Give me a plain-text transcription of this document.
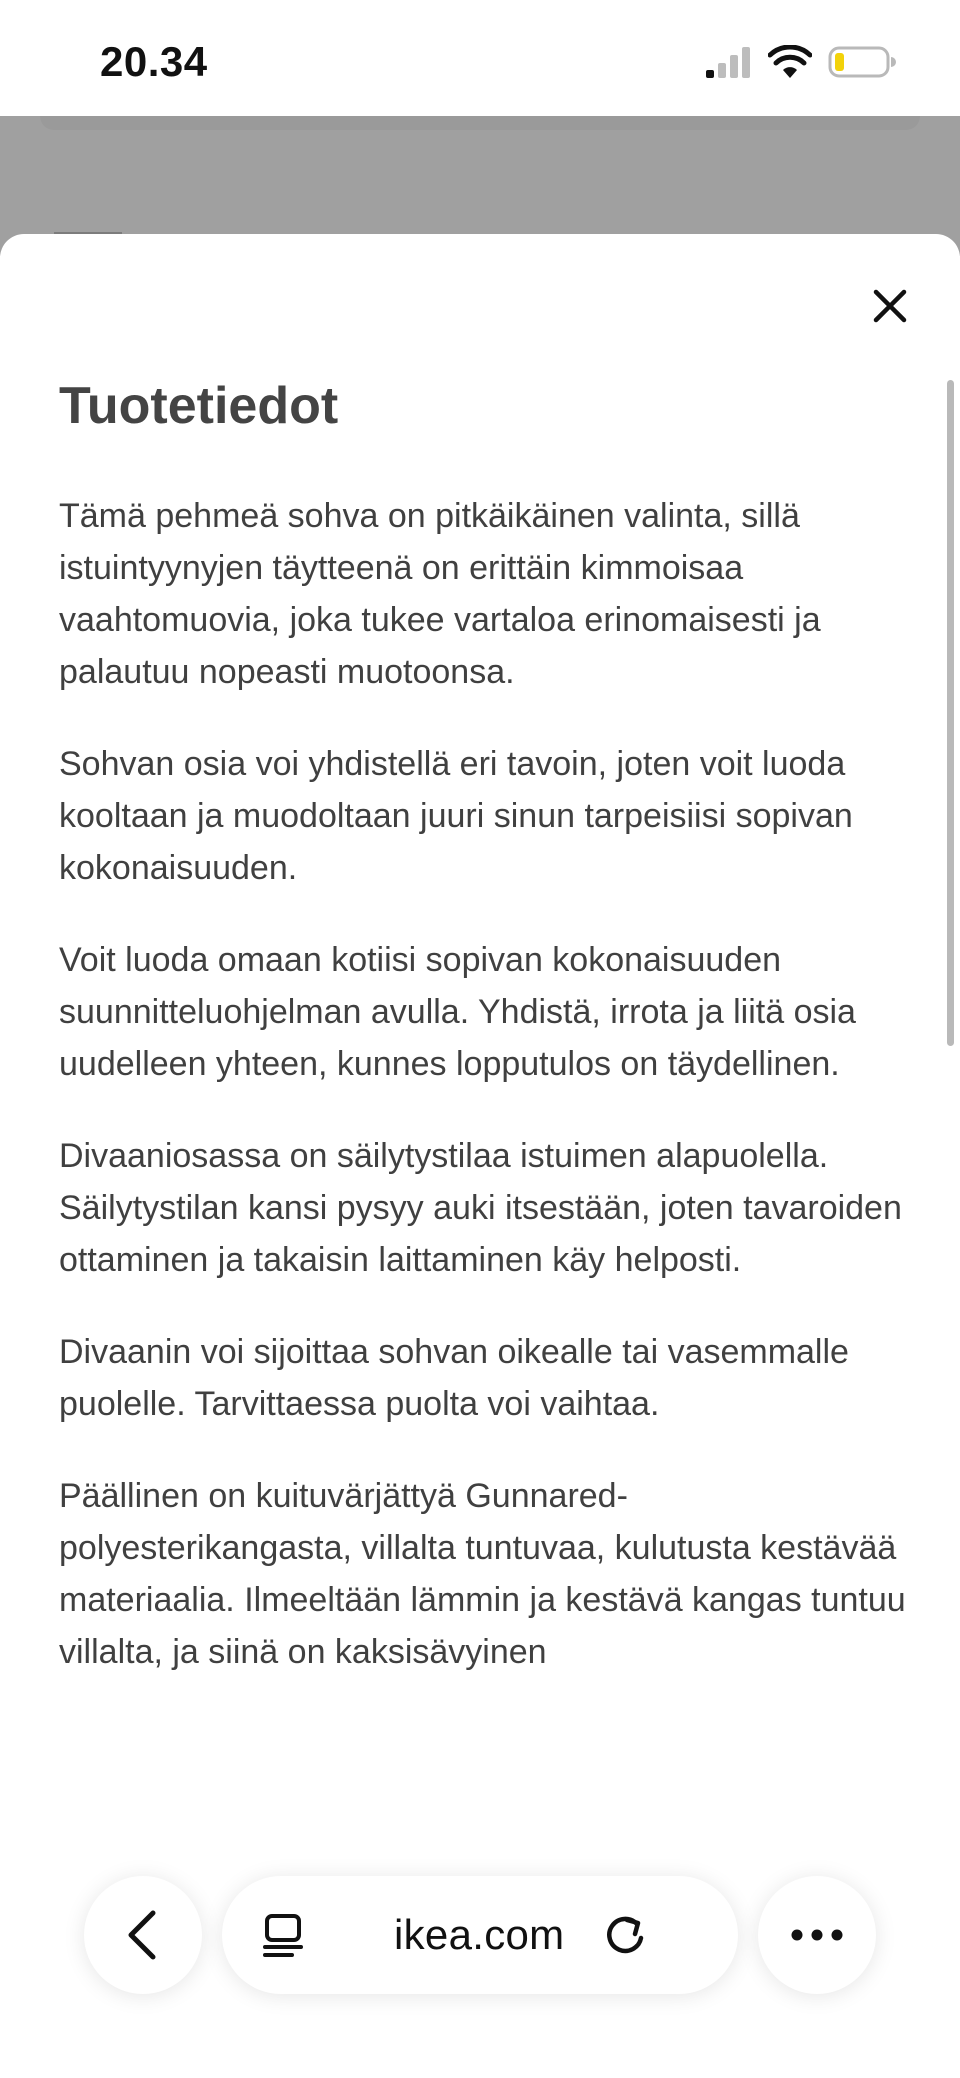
20.34
Tuotetiedot

Tämä pehmeä sohva on pitkäikäinen valinta, sillä istuintyynyjen täytteenä on erittäin kimmoisaa vaahtomuovia, joka tukee vartaloa erinomaisesti ja palautuu nopeasti muotoonsa.

Sohvan osia voi yhdistellä eri tavoin, joten voit luoda kooltaan ja muodoltaan juuri sinun tarpeisiisi sopivan kokonaisuuden.

Voit luoda omaan kotiisi sopivan kokonaisuuden suunnitteluohjelman avulla. Yhdistä, irrota ja liitä osia uudelleen yhteen, kunnes lopputulos on täydellinen.

Divaaniosassa on säilytystilaa istuimen alapuolella. Säilytystilan kansi pysyy auki itsestään, joten tavaroiden ottaminen ja takaisin laittaminen käy helposti.

Divaanin voi sijoittaa sohvan oikealle tai vasemmalle puolelle. Tarvittaessa puolta voi vaihtaa.

Päällinen on kuituvärjättyä Gunnared-polyesterikangasta, villalta tuntuvaa, kulutusta kestävää materiaalia. Ilmeeltään lämmin ja kestävä kangas tuntuu villalta, ja siinä on kaksisävyinen

ikea.com
